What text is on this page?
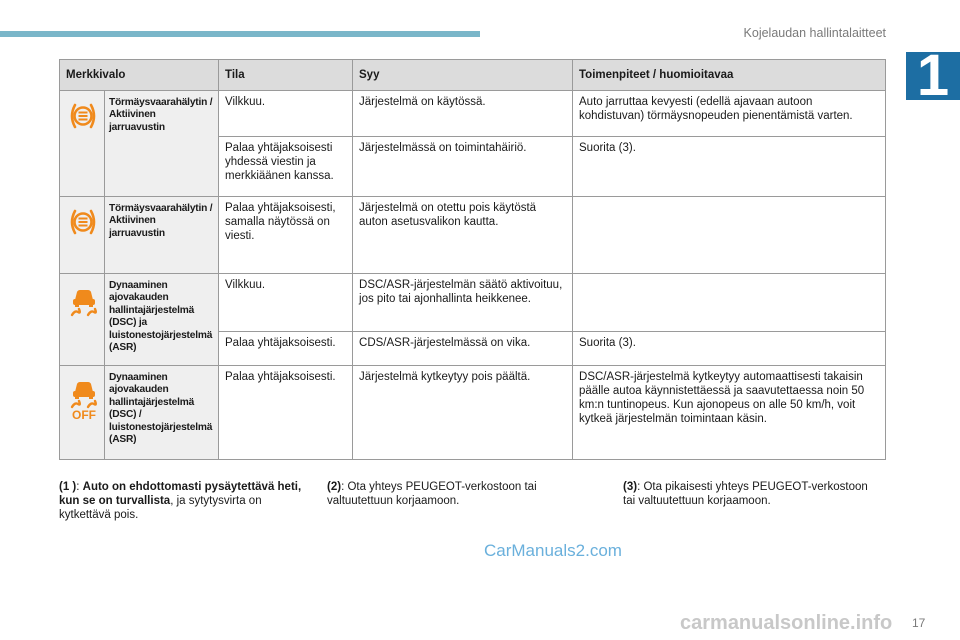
Kojelaudan hallintalaitteet
1
Merkkivalo		Tila	Syy	Toimenpiteet / huomioitavaa
	Törmäysvaarahälytin / Aktiivinen jarruavustin	Vilkkuu.	Järjestelmä on käytössä.	Auto jarruttaa kevyesti (edellä ajavaan autoon kohdistuvan) törmäysnopeuden pienentämistä varten.
		Palaa yhtäjaksoisesti yhdessä viestin ja merkkiäänen kanssa.	Järjestelmässä on toimintahäiriö.	Suorita (3).
	Törmäysvaarahälytin / Aktiivinen jarruavustin	Palaa yhtäjaksoisesti, samalla näytössä on viesti.	Järjestelmä on otettu pois käytöstä auton asetusvalikon kautta.	
	Dynaaminen ajovakauden hallintajärjestelmä (DSC) ja luistonestojärjestelmä (ASR)	Vilkkuu.	DSC/ASR-järjestelmän säätö aktivoituu, jos pito tai ajonhallinta heikkenee.	
		Palaa yhtäjaksoisesti.	CDS/ASR-järjestelmässä on vika.	Suorita (3).

OFF	Dynaaminen ajovakauden hallintajärjestelmä (DSC) / luistonestojärjestelmä (ASR)	Palaa yhtäjaksoisesti.	Järjestelmä kytkeytyy pois päältä.	DSC/ASR-järjestelmä kytkeytyy automaattisesti takaisin päälle autoa käynnistettäessä ja saavutettaessa noin 50 km:n tuntinopeus. Kun ajonopeus on alle 50 km/h, voit kytkeä järjestelmän toimintaan käsin.
(1 ): Auto on ehdottomasti pysäytettävä heti, kun se on turvallista, ja sytytysvirta on kytkettävä pois.
(2): Ota yhteys PEUGEOT-verkostoon tai valtuutettuun korjaamoon.
(3): Ota pikaisesti yhteys PEUGEOT-verkostoon tai valtuutettuun korjaamoon.
CarManuals2.com
carmanualsonline.info 17
